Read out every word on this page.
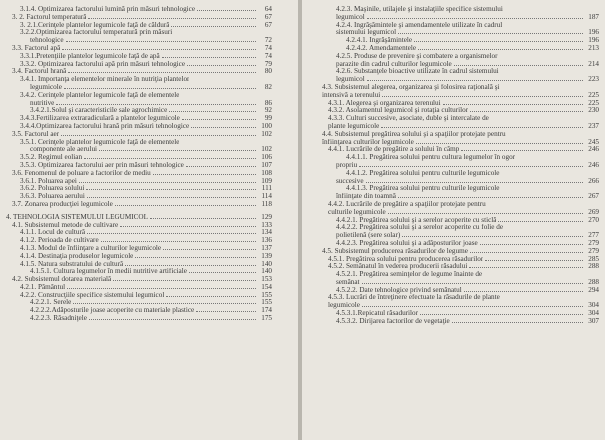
3.1.4. Optimizarea factorului lumină prin măsuri tehnologice	64
3. 2. Factorul temperatură	67
3. 2.1.Cerinţele plantelor legumicole faţă de căldură	67
3.2.2.Optimizarea factorului temperatură prin măsuri
tehnologice	72
3.3. Factorul apă	74
3.3.1.Pretenţiile plantelor legumicole faţă de apă	74
3.3.2. Optimizarea factorului apă prin măsuri tehnologice	79
3.4. Factorul hrană	80
3.4.1. Importanţa elementelor minerale în nutriţia plantelor
legumicole	82
3.4.2. Cerinţele plantelor legumicole faţă de elementele
nutritive	86
3.4.2.1.Solul şi caracteristicile sale agrochimice	92
3.4.3.Fertilizarea extraradiculară a plantelor legumicole	99
3.4.4.Optimizarea factorului hrană prin măsuri tehnologice	100
3.5. Factorul aer	102
3.5.1. Cerinţele plantelor legumicole faţă de elementele
componente ale aerului	102
3.5.2. Regimul eolian	106
3.5.3. Optimizarea factorului aer prin măsuri tehnologice	107
3.6. Fenomenul de poluare a factorilor de mediu	108
3.6.1. Poluarea apei	109
3.6.2. Poluarea solului	111
3.6.3. Poluarea aerului	114
3.7. Zonarea producţiei legumicole	118
4. TEHNOLOGIA SISTEMULUI LEGUMICOL	129
4.1. Subsistemul metode de cultivare	133
4.1.1. Locul de cultură	134
4.1.2. Perioada de cultivare	136
4.1.3. Modul de înfiinţare a culturilor legumicole	137
4.1.4. Destinaţia produselor legumicole	139
4.1.5. Natura substratului de cultură	140
4.1.5.1. Cultura legumelor în medii nutritive artificiale	140
4.2. Subsistemul dotarea materială	153
4.2.1. Pământul	154
4.2.2. Construcţiile specifice sistemului legumicol	155
4.2.2.1. Serele	155
4.2.2.2.Adăposturile joase acoperite cu materiale plastice	174
4.2.2.3. Răsadniţele	175
4.2.3. Maşinile, utilajele şi instalaţiile specifice sistemului
legumicol	187
4.2.4. Îngrăşămintele şi amendamentele utilizate în cadrul
sistemului legumicol	196
4.2.4.1. Îngrăşămintele	196
4.2.4.2. Amendamentele	213
4.2.5. Produse de prevenire şi combatere a organismelor
parazite din cadrul culturilor legumicole	214
4.2.6. Substanţele bioactive utilizate în cadrul sistemului
legumicol	223
4.3. Subsistemul alegerea, organizarea şi folosirea raţională şi
intensivă a terenului	225
4.3.1. Alegerea şi organizarea terenului	225
4.3.2. Asolamentul legumicol şi rotaţia culturilor	230
4.3.3. Culturi succesive, asociate, duble şi intercalate de
plante legumicole	237
4.4. Subsistemul pregătirea solului şi a spaţiilor protejate pentru
înfiinţarea culturilor legumicole	245
4.4.1. Lucrările de pregătire a solului în câmp	246
4.4.1.1. Pregătirea solului pentru cultura legumelor în ogor
propriu	246
4.4.1.2. Pregătirea solului pentru culturile legumicole
succesive	266
4.4.1.3. Pregătirea solului pentru culturile legumicole
înfiinţate din toamnă	267
4.4.2. Lucrările de pregătire a spaţiilor protejate pentru
culturile legumicole	269
4.4.2.1. Pregătirea solului şi a serelor acoperite cu sticlă	270
4.4.2.2. Pregătirea solului şi a serelor acoperite cu folie de
polietilenă (sere solar)	277
4.4.2.3. Pregătirea solului şi a adăposturilor joase	279
4.5. Subsistemul producerea răsadurilor de legume	279
4.5.1. Pregătirea solului pentru producerea răsadurilor	285
4.5.2. Semănatul în vederea producerii răsadului	288
4.5.2.1. Pregătirea seminţelor de legume înainte de
semănat	288
4.5.2.2. Date tehnologice privind semănatul	294
4.5.3. Lucrări de întreţinere efectuate la răsadurile de plante
legumicole	304
4.5.3.1.Repicatul răsadurilor	304
4.5.3.2. Dirijarea factorilor de vegetaţie	307
